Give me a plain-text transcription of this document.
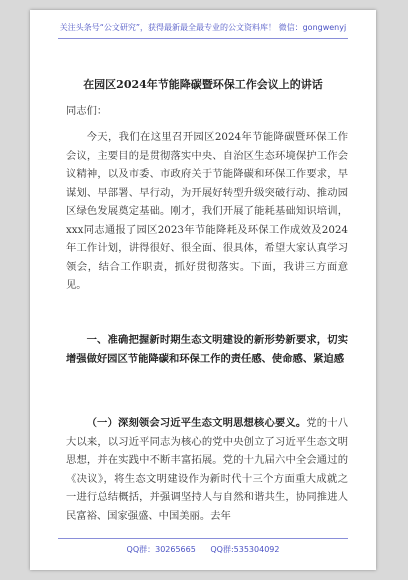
关注头条号“公文研究”，获得最新最全最专业的公文资料库！ 微信：gongwenyj
在园区2024年节能降碳暨环保工作会议上的讲话
同志们：
今天，我们在这里召开园区2024年节能降碳暨环保工作会议，主要目的是贯彻落实中央、自治区生态环境保护工作会议精神，以及市委、市政府关于节能降碳和环保工作要求，早谋划、早部署、早行动，为开展好转型升级突破行动、推动园区绿色发展奠定基础。刚才，我们开展了能耗基础知识培训，xxx同志通报了园区2023年节能降耗及环保工作成效及2024年工作计划，讲得很好、很全面、很具体，希望大家认真学习领会，结合工作职责，抓好贯彻落实。下面，我讲三方面意见。
一、准确把握新时期生态文明建设的新形势新要求，切实增强做好园区节能降碳和环保工作的责任感、使命感、紧迫感
（一）深刻领会习近平生态文明思想核心要义。党的十八大以来，以习近平同志为核心的党中央创立了习近平生态文明思想，并在实践中不断丰富拓展。党的十九届六中全会通过的《决议》，将生态文明建设作为新时代十三个方面重大成就之一进行总结概括，并强调坚持人与自然和谐共生，协同推进人民富裕、国家强盛、中国美丽。去年
QQ群：30265665 QQ群:535304092
